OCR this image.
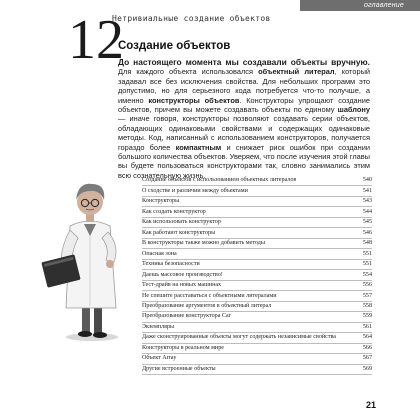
оглавление
12
Нетривиальные создание объектов
Создание объектов
До настоящего момента мы создавали объекты вручную. Для каждого объекта использовался объектный литерал, который задавал все без исключения свойства. Для небольших программ это допустимо, но для серьезного кода потребуется что-то получше, а именно конструкторы объектов. Конструкторы упрощают создание объектов, причем вы можете создавать объекты по единому шаблону — иначе говоря, конструкторы позволяют создавать серии объектов, обладающих одинаковыми свойствами и содержащих одинаковые методы. Код, написанный с использованием конструкторов, получается гораздо более компактным и снижает риск ошибок при создании большого количества объектов. Уверяем, что после изучения этой главы вы будете пользоваться конструкторами так, словно занимались этим всю сознательную жизнь.
Создание объектов с использованием объектных литералов	540
О сходстве и различии между объектами	541
Конструкторы	543
Как создать конструктор	544
Как использовать конструктор	545
Как работают конструкторы	546
В конструкторы также можно добавить методы	548
Опасная зона	551
Техника безопасности	551
Даешь массовое производство!	554
Тест-драйв на новых машинах	556
Не спешите расставаться с объектными литералами	557
Преобразование аргументов в объектный литерал	558
Преобразование конструктора Car	559
Экземпляры	561
Даже сконструированные объекты могут содержать независимые свойства	564
Конструкторы в реальном мире	566
Объект Array	567
Другие встроенные объекты	569
21
